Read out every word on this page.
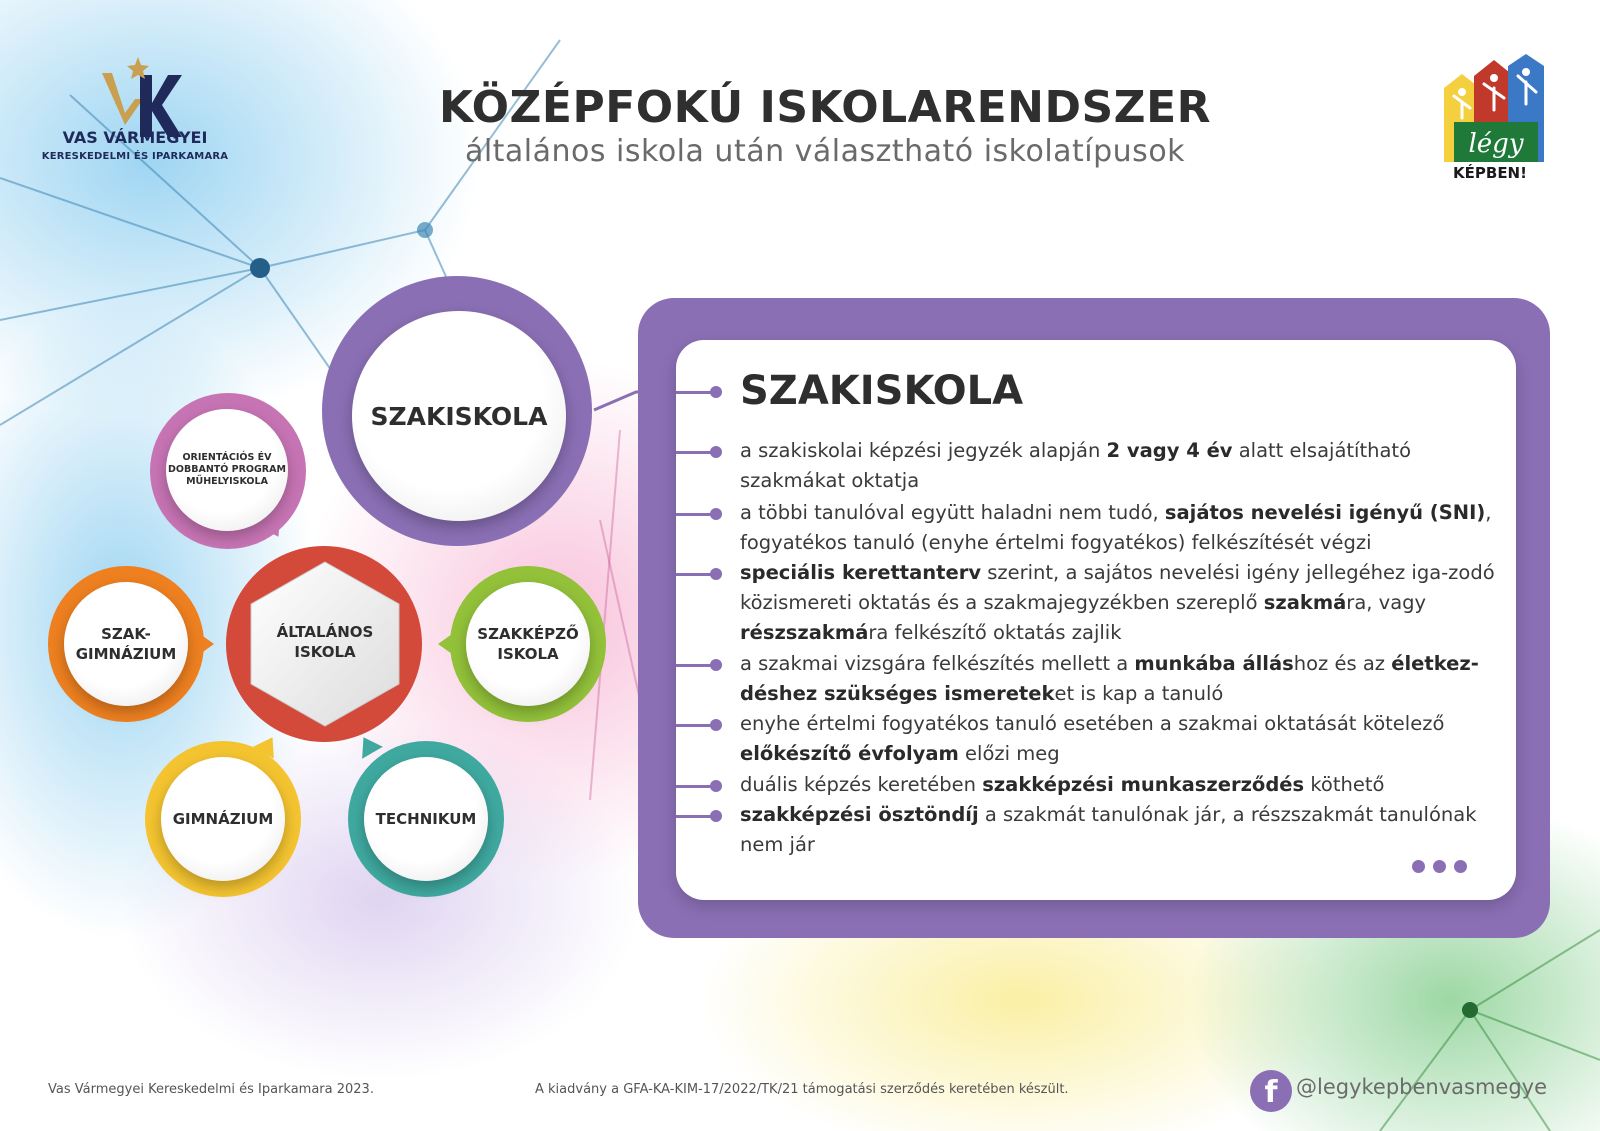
KÖZÉPFOKÚ ISKOLARENDSZER
általános iskola után választható iskolatípusok
VAS VÁRMEGYEI
KERESKEDELMI ÉS IPARKAMARA	légy
KÉPBEN!
SZAKISKOLA
ORIENTÁCIÓS ÉV
DOBBANTÓ PROGRAM
MŰHELYISKOLA
ÁLTALÁNOS
ISKOLA
SZAK-
GIMNÁZIUM
SZAKKÉPZŐ
ISKOLA
GIMNÁZIUM	TECHNIKUM
SZAKISKOLA
a szakiskolai képzési jegyzék alapján 2 vagy 4 év alatt elsajátítható szakmákat oktatja
a többi tanulóval együtt haladni nem tudó, sajátos nevelési igényű (SNI), fogyatékos tanuló (enyhe értelmi fogyatékos) felkészítését végzi
speciális kerettanterv szerint, a sajátos nevelési igény jellegéhez iga-zodó közismereti oktatás és a szakmajegyzékben szereplő szakmára, vagy részszakmára felkészítő oktatás zajlik
a szakmai vizsgára felkészítés mellett a munkába álláshoz és az életkez-déshez szükséges ismereteket is kap a tanuló
enyhe értelmi fogyatékos tanuló esetében a szakmai oktatását kötelező előkészítő évfolyam előzi meg
duális képzés keretében szakképzési munkaszerződés köthető
szakképzési ösztöndíj a szakmát tanulónak jár, a részszakmát tanulónak nem jár
Vas Vármegyei Kereskedelmi és Iparkamara 2023.	A kiadvány a GFA-KA-KIM-17/2022/TK/21 támogatási szerződés keretében készült.	f @legykepbenvasmegye
